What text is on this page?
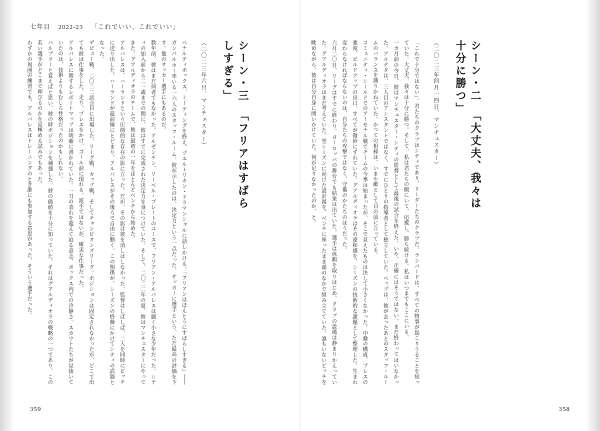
七年目 2022-23 「これでいい、これでいい」
六月二〇日、リーグはすでに終わり、ヨーロッパの舞台でも結果は出ていた。選手は休暇を取りはじめ、クラブの設備は静まりかえっていた。グアルディオラはまだ考えていた。翌シーズンに向けた設計図を、ベンチに座ったまま頭のなかで組み立てていた。誰もいないピッチを眺めながら、彼は自分自身に問いかけていた。何が足りなかったのか、と。	コミュニティ・シールドでのアーセナル戦でチームの今季は始まったが、そこで見えたものは決して小さくなかった。中盤の構成、プレスの強度、ビルドアップの出口。すべてが微妙にずれていた。グアルディオラはその違和感を、シーズンの技術的な課題として整理した。生まれ変わらなければならないのは、自分たちの攻撃ではなく、守備のかたちのほうだった。	一カ月前の今日、彼はマンチェスター・シティの監督として最後の試合を終えた。いや、正確にはそうではない。まだ終わってはいなかった。アルテタは、三人目のアシスタントではなく、すでにひとりの指導者として独立していた。ペップは、彼が去ったあとのスタッフ・ルームのバランスを測りかねていた。かつての相棒は、いまや敵として目の前に立っている。	「これで十分ではない」。君たちのクラブはシティであり、リーダーたちのクラブだ。ランパードは、すべての物事が起こりうることを知っていた。大丈夫、我々は十分に勝つ。そして、私は君たちの側にいて、応援し、勝ち続ける。私はいつまでもここにいる。	（二〇二三年四月一四日、マンチェスター）	シーン・二　「大丈夫、我々は十分に勝つ」
わずかの周囲の練習でも、アルバレスはトレーニングのとき誰にも参加する意思があった。そういう選手だった。	バルブツーと覚えばと思い、彼の時ポジションを補強した。彼の価値を十分に知っていた。それはグアルディオラの戦略の一つであり、この若い選手がどこまで伸びるのかを見極める試みでもあった。	アルバレスに関するレポートマップは明確に書かれていた。一刀の表れを超えて迫る意志、ボックス内での冷静さ。スカウトたちが見抜いていたのは、技術よりもむしろ性格だったのかもしれない。	デビュー戦、二〇二二試合目に出場した。リーグ戦、カップ戦、そしてチャンピオンズリーグ。ポジションは固定されなかったが、どこで出ても彼は仕事をした。走り、プレスをかけ、ゴール前に現れる。派手ではないが、確実な仕事だった。	アルバレスは、ハーランドという圧倒的な存在の影に立った。だが、その影は彼を消しはしなかった。監督はしばしば、二人を同時にピッチに送り出した。ハーランドが最前線にとどまり、アルバレスがその後ろで自由に動く。この関係が、シーズンの終盤にかけてシティの武器となった。	数年前、彼はまだ何者でもなかった。アルゼンチン、リーベル・プレートのユースで、フリアン・アルバレスは細く小さな少年だった。シティの加入前から二一歳までの間に、彼はすでに完成された決定力を身につけていた。そして、二〇二二年の夏、彼はマンチェスターにやってきた。グアルディオラのチームで、彼は最初の一年をほとんどベンチから始めた。	ペナルティボックス、ミーティングを終え、プエルトリカン・ドラマンシャルに話しかける。「フリアンはほんとうにすばらしすぎる」――ガンバルホー率いる一六人のスタッフ・ルーム。彼が示したのは、決定力という一点だった。サッカーに選手という、ただ最高の評価を下す。他のサッカー選手にもあるのだ。	（二〇二三年六月、マンチェスター）	シーン・三　「フリアはすばらしすぎる」
359	358
